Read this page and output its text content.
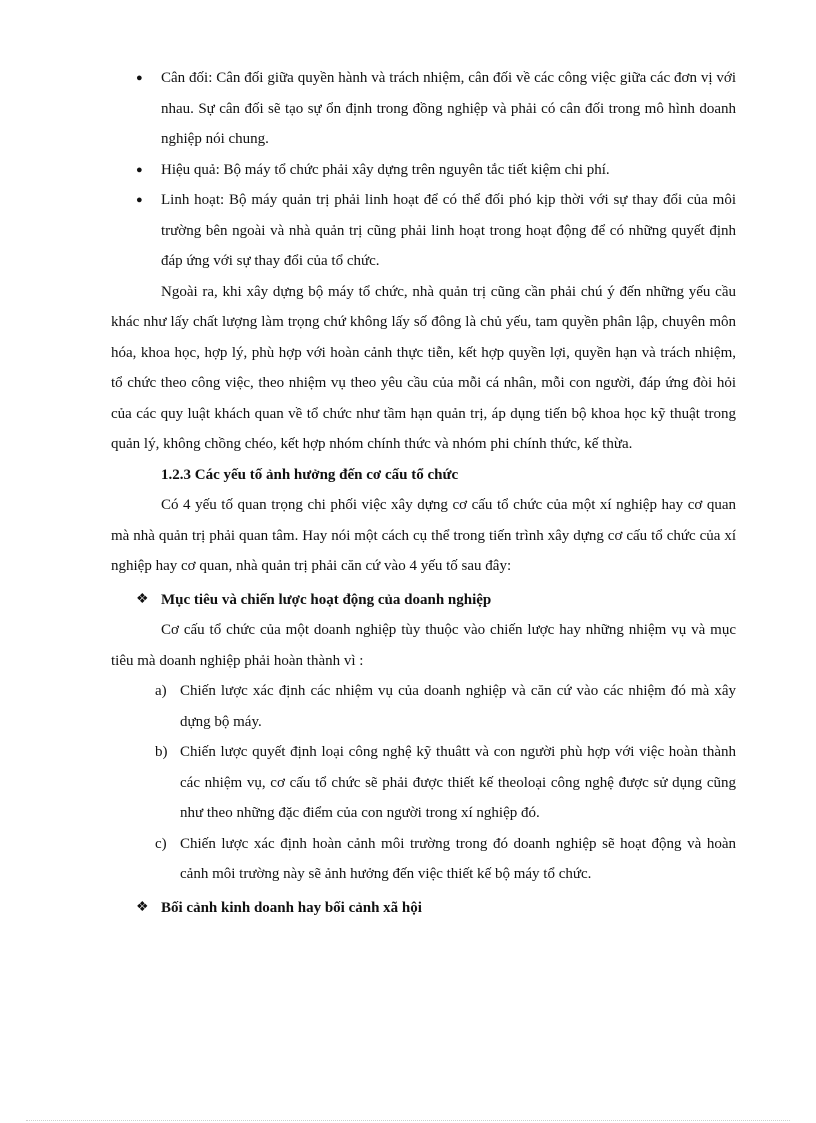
● Cân đối: Cân đối giữa quyền hành và trách nhiệm, cân đối về các công việc giữa các đơn vị với nhau. Sự cân đối sẽ tạo sự ổn định trong đồng nghiệp và phải có cân đối trong mô hình doanh nghiệp nói chung.
● Hiệu quả: Bộ máy tổ chức phải xây dựng trên nguyên tắc tiết kiệm chi phí.
● Linh hoạt: Bộ máy quản trị phải linh hoạt để có thể đối phó kịp thời với sự thay đổi của môi trường bên ngoài và nhà quản trị cũng phải linh hoạt trong hoạt động để có những quyết định đáp ứng với sự thay đổi của tổ chức.

Ngoài ra, khi xây dựng bộ máy tổ chức, nhà quản trị cũng cần phải chú ý đến những yếu cầu khác như lấy chất lượng làm trọng chứ không lấy số đông là chủ yếu, tam quyền phân lập, chuyên môn hóa, khoa học, hợp lý, phù hợp với hoàn cảnh thực tiễn, kết hợp quyền lợi, quyền hạn và trách nhiệm, tổ chức theo công việc, theo nhiệm vụ theo yêu cầu của mỗi cá nhân, mỗi con người, đáp ứng đòi hỏi của các quy luật khách quan về tổ chức như tầm hạn quản trị, áp dụng tiến bộ khoa học kỹ thuật trong quản lý, không chồng chéo, kết hợp nhóm chính thức và nhóm phi chính thức, kế thừa.

1.2.3 Các yếu tố ảnh hưởng đến cơ cấu tổ chức

Có 4 yếu tố quan trọng chi phối việc xây dựng cơ cấu tổ chức của một xí nghiệp hay cơ quan mà nhà quản trị phải quan tâm. Hay nói một cách cụ thể trong tiến trình xây dựng cơ cấu tổ chức của xí nghiệp hay cơ quan, nhà quản trị phải căn cứ vào 4 yếu tố sau đây:

❖ Mục tiêu và chiến lược hoạt động của doanh nghiệp

Cơ cấu tổ chức của một doanh nghiệp tùy thuộc vào chiến lược hay những nhiệm vụ và mục tiêu mà doanh nghiệp phải hoàn thành vì :

a) Chiến lược xác định các nhiệm vụ của doanh nghiệp và căn cứ vào các nhiệm đó mà xây dựng bộ máy.
b) Chiến lược quyết định loại công nghệ kỹ thuâtt và con người phù hợp với việc hoàn thành các nhiệm vụ, cơ cấu tổ chức sẽ phải được thiết kế theoloại công nghệ được sử dụng cũng như theo những đặc điểm của con người trong xí nghiệp đó.
c) Chiến lược xác định hoàn cảnh môi trường trong đó doanh nghiệp sẽ hoạt động và hoàn cảnh môi trường này sẽ ảnh hưởng đến việc thiết kế bộ máy tổ chức.
❖ Bối cảnh kinh doanh hay bối cảnh xã hội
